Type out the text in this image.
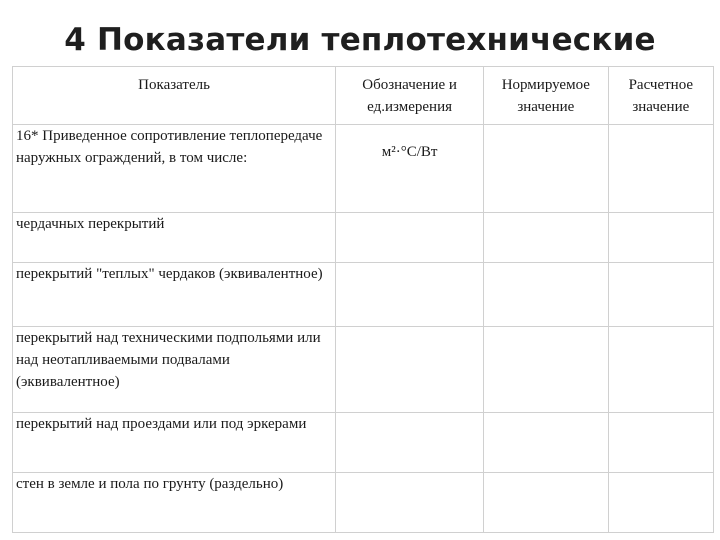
4 Показатели теплотехнические
Показатель	Обозначение и ед.измерения	Нормируемое значение	Расчетное значение
16* Приведенное сопротивление теплопередаче наружных ограждений, в том числе:	м²·°С/Вт		
чердачных перекрытий			
перекрытий "теплых" чердаков (эквивалентное)			
перекрытий над техническими подпольями или над неотапливаемыми подвалами (эквивалентное)			
перекрытий над проездами или под эркерами			
стен в земле и пола по грунту (раздельно)			
